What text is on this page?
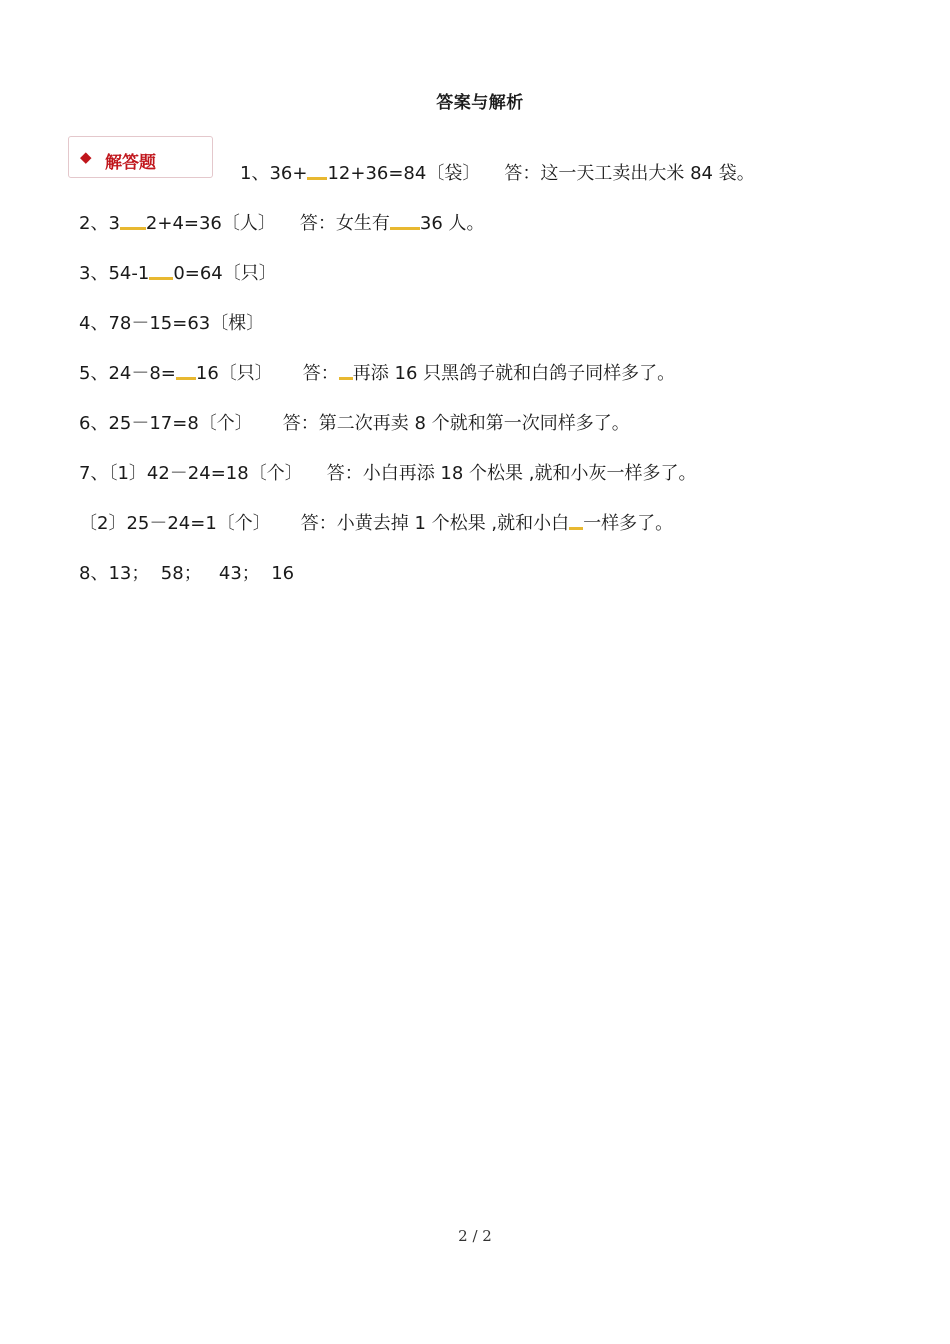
答案与解析
◆ 解答题	1、36+ 12+36=84〔袋〕 答：这一天工卖出大米 84 袋。
2、3 2+4=36〔人〕 答：女生有 36 人。
3、54-1 0=64〔只〕
4、78－15=63〔棵〕
5、24－8= 16〔只〕 答： 再添 16 只黑鸽子就和白鸽子同样多了。
6、25－17=8〔个〕 答：第二次再卖 8 个就和第一次同样多了。
7、〔1〕42－24=18〔个〕 答：小白再添 18 个松果 ,就和小灰一样多了。
〔2〕25－24=1〔个〕 答：小黄去掉 1 个松果 ,就和小白 一样多了。
8、13；  58；   43；  16
2 / 2
